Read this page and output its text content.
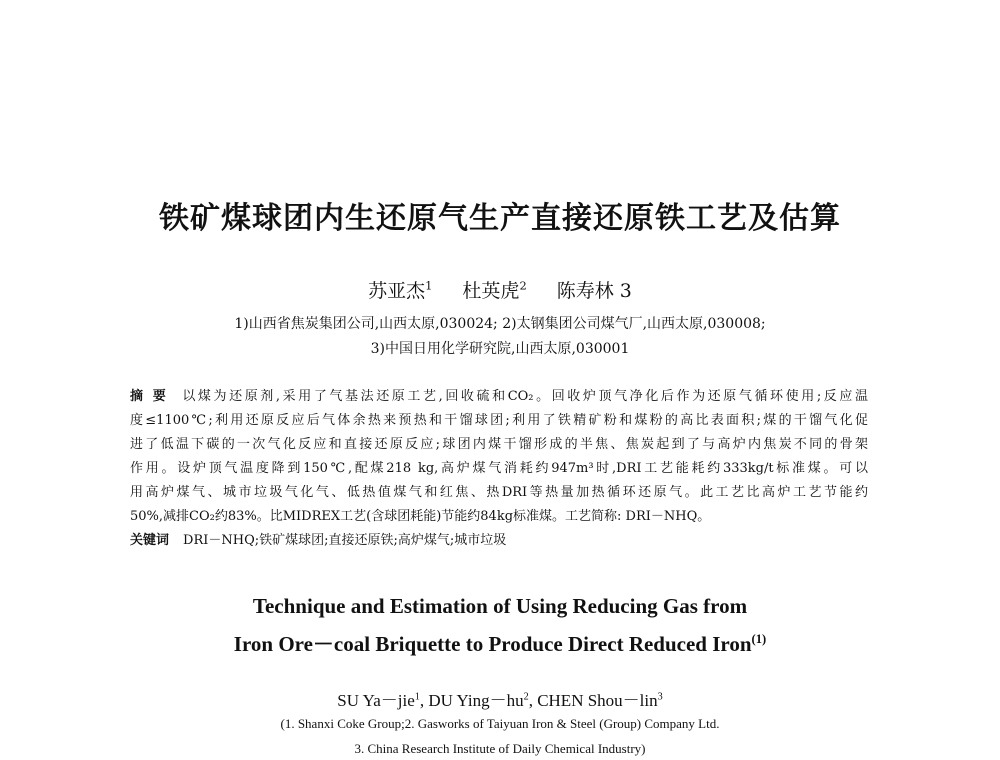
铁矿煤球团内生还原气生产直接还原铁工艺及估算
苏亚杰$^1$ 杜英虎$^2$ 陈寿林 3
1)山西省焦炭集团公司,山西太原,030024; 2)太钢集团公司煤气厂,山西太原,030008;
3)中国日用化学研究院,山西太原,030001
摘 要 以煤为还原剂,采用了气基法还原工艺,回收硫和CO₂。回收炉顶气净化后作为还原气循环使用;反应温
度≤1100℃;利用还原反应后气体余热来预热和干馏球团;利用了铁精矿粉和煤粉的高比表面积;煤的干馏气化促
进了低温下碳的一次气化反应和直接还原反应;球团内煤干馏形成的半焦、焦炭起到了与高炉内焦炭不同的骨架
作用。设炉顶气温度降到150℃,配煤218 kg,高炉煤气消耗约947m³时,DRI工艺能耗约333kg/t标准煤。可以
用高炉煤气、城市垃圾气化气、低热值煤气和红焦、热DRI等热量加热循环还原气。此工艺比高炉工艺节能约
50%,减排CO₂约83%。比MIDREX工艺(含球团耗能)节能约84kg标准煤。工艺简称: DRI－NHQ。
关键词 DRI－NHQ;铁矿煤球团;直接还原铁;高炉煤气;城市垃圾
Technique and Estimation of Using Reducing Gas from
Iron Ore－coal Briquette to Produce Direct Reduced Iron$^{(1)}$
SU Ya－jie$^1$, DU $Ying-hu^2$, CHEN Shou－lin$^3$
(1. Shanxi Coke Group;2. Gasworks of Taiyuan Iron & Steel (Group) Company Ltd.
3. China Research Institute of Daily Chemical Industry)
